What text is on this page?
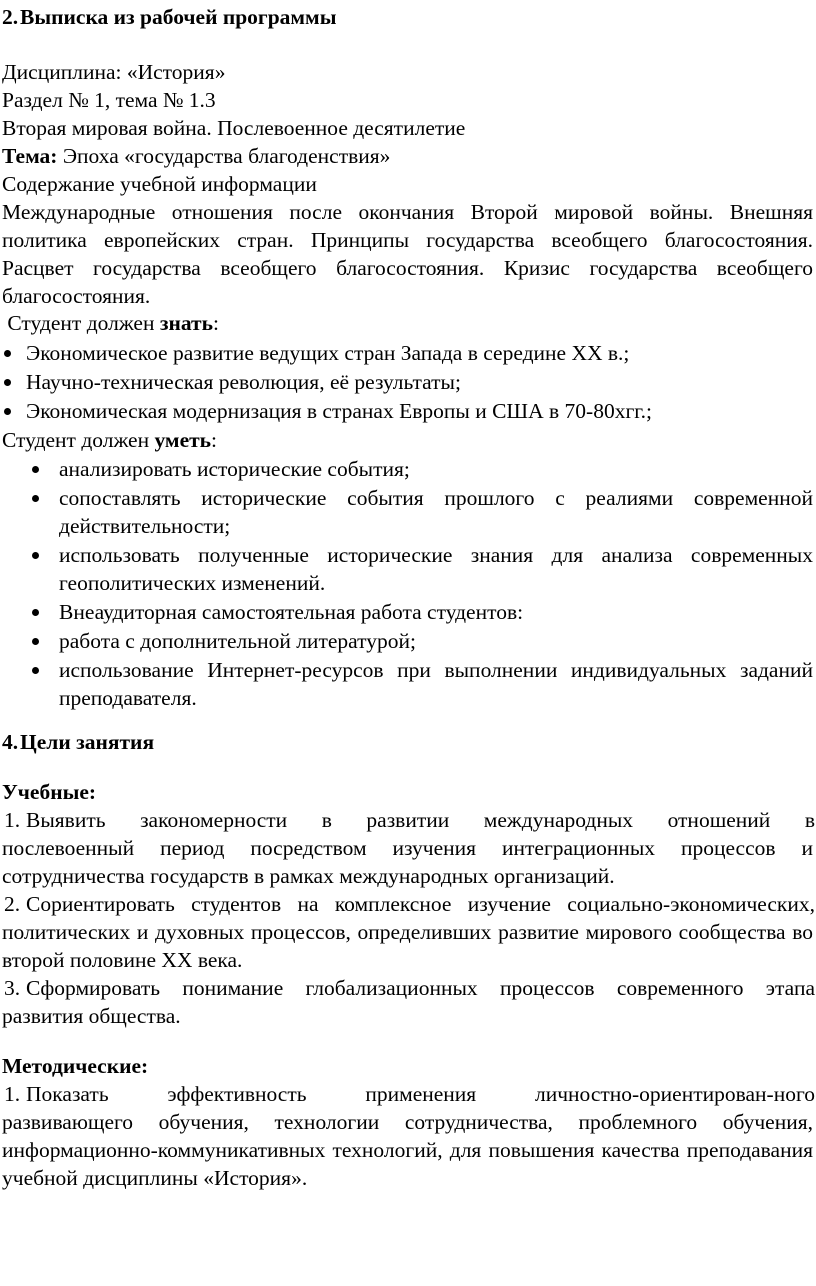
2.Выписка из рабочей программы

Дисциплина: «История»

Раздел № 1, тема № 1.3

Вторая мировая война. Послевоенное десятилетие

Тема: Эпоха «государства благоденствия»

Содержание учебной информации

Международные отношения после окончания Второй мировой войны. Внешняя политика европейских стран. Принципы государства всеобщего благосостояния. Расцвет государства всеобщего благосостояния. Кризис государства всеобщего благосостояния.

Студент должен знать:

Экономическое развитие ведущих стран Запада в середине XX в.;
Научно-техническая революция, её результаты;
Экономическая модернизация в странах Европы и США в 70-80хгг.;

Студент должен уметь:

анализировать исторические события;
сопоставлять исторические события прошлого с реалиями современной действительности;
использовать полученные исторические знания для анализа современных геополитических изменений.
Внеаудиторная самостоятельная работа студентов:
работа с дополнительной литературой;
использование Интернет-ресурсов при выполнении индивидуальных заданий преподавателя.

4.Цели занятия

Учебные:

1. Выявить закономерности в развитии международных отношений в

послевоенный период посредством изучения интеграционных процессов и сотрудничества государств в рамках международных организаций.

2. Сориентировать студентов на комплексное изучение социально-экономических,

политических и духовных процессов, определивших развитие мирового сообщества во второй половине XX века.

3. Сформировать понимание глобализационных процессов современного этапа

развития общества.

Методические:

1. Показать эффективность применения личностно-ориентирован-ного

развивающего обучения, технологии сотрудничества, проблемного обучения, информационно-коммуникативных технологий, для повышения качества преподавания учебной дисциплины «История».
